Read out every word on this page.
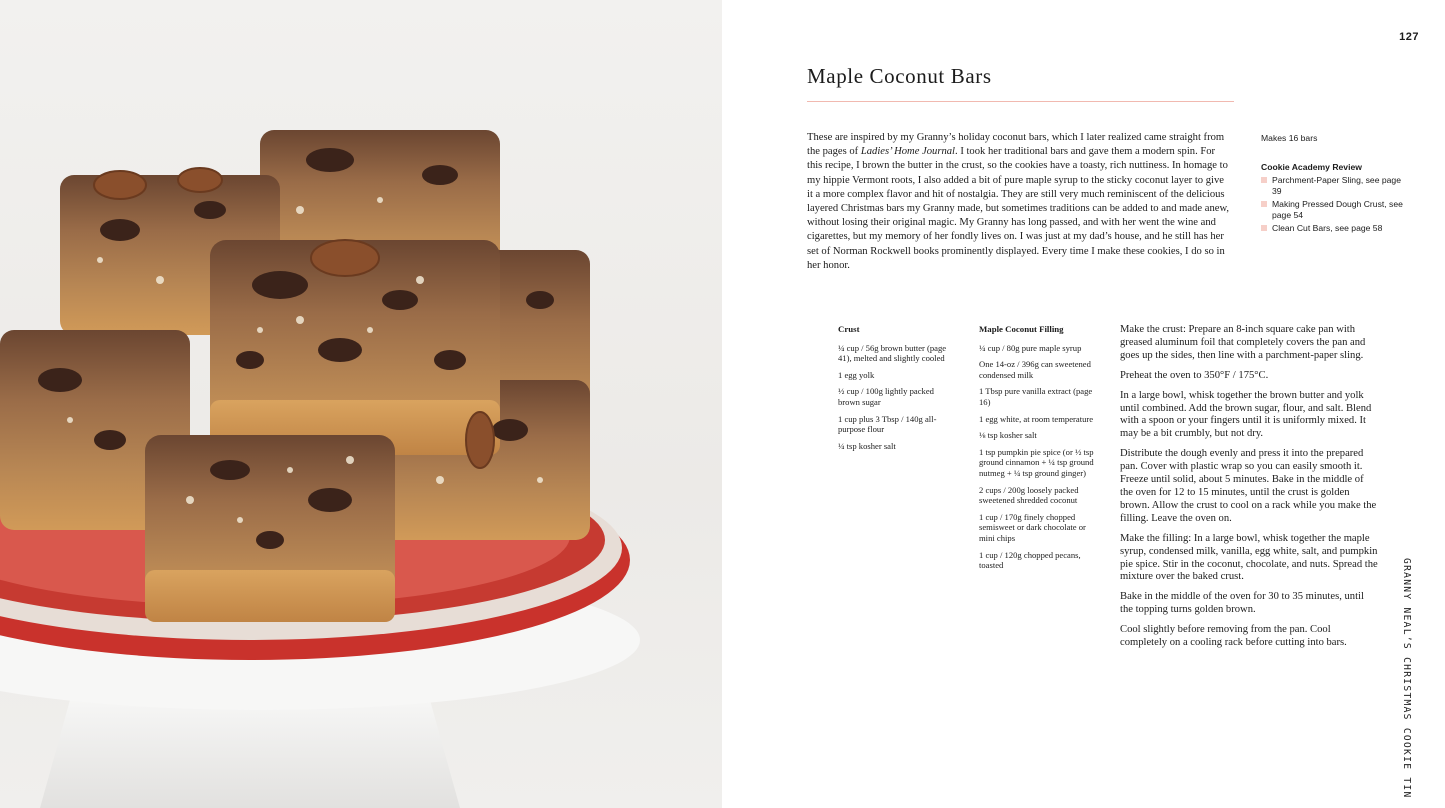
127
Maple Coconut Bars

These are inspired by my Granny’s holiday coconut bars, which I later realized came straight from the pages of Ladies’ Home Journal. I took her traditional bars and gave them a modern spin. For this recipe, I brown the butter in the crust, so the cookies have a toasty, rich nuttiness. In homage to my hippie Vermont roots, I also added a bit of pure maple syrup to the sticky coconut layer to give it a more complex flavor and hit of nostalgia. They are still very much reminiscent of the delicious layered Christmas bars my Granny made, but sometimes traditions can be added to and made anew, without losing their original magic. My Granny has long passed, and with her went the wine and cigarettes, but my memory of her fondly lives on. I was just at my dad’s house, and he still has her set of Norman Rockwell books prominently displayed. Every time I make these cookies, I do so in her honor.

Makes 16 bars

Cookie Academy Review

Parchment-Paper Sling, see page 39
Making Pressed Dough Crust, see page 54
Clean Cut Bars, see page 58
Crust

¼ cup / 56g brown butter (page 41), melted and slightly cooled

1 egg yolk

½ cup / 100g lightly packed brown sugar

1 cup plus 3 Tbsp / 140g all-purpose flour

¼ tsp kosher salt

Maple Coconut Filling

¼ cup / 80g pure maple syrup

One 14-oz / 396g can sweetened condensed milk

1 Tbsp pure vanilla extract (page 16)

1 egg white, at room temperature

⅛ tsp kosher salt

1 tsp pumpkin pie spice (or ½ tsp ground cinnamon + ¼ tsp ground nutmeg + ¼ tsp ground ginger)

2 cups / 200g loosely packed sweetened shredded coconut

1 cup / 170g finely chopped semisweet or dark chocolate or mini chips

1 cup / 120g chopped pecans, toasted

Make the crust: Prepare an 8-inch square cake pan with greased aluminum foil that completely covers the pan and goes up the sides, then line with a parchment-paper sling.

Preheat the oven to 350°F / 175°C.

In a large bowl, whisk together the brown butter and yolk until combined. Add the brown sugar, flour, and salt. Blend with a spoon or your fingers until it is uniformly mixed. It may be a bit crumbly, but not dry.

Distribute the dough evenly and press it into the prepared pan. Cover with plastic wrap so you can easily smooth it. Freeze until solid, about 5 minutes. Bake in the middle of the oven for 12 to 15 minutes, until the crust is golden brown. Allow the crust to cool on a rack while you make the filling. Leave the oven on.

Make the filling: In a large bowl, whisk together the maple syrup, condensed milk, vanilla, egg white, salt, and pumpkin pie spice. Stir in the coconut, chocolate, and nuts. Spread the mixture over the baked crust.

Bake in the middle of the oven for 30 to 35 minutes, until the topping turns golden brown.

Cool slightly before removing from the pan. Cool completely on a cooling rack before cutting into bars.	GRANNY NEAL’S CHRISTMAS COOKIE TIN
